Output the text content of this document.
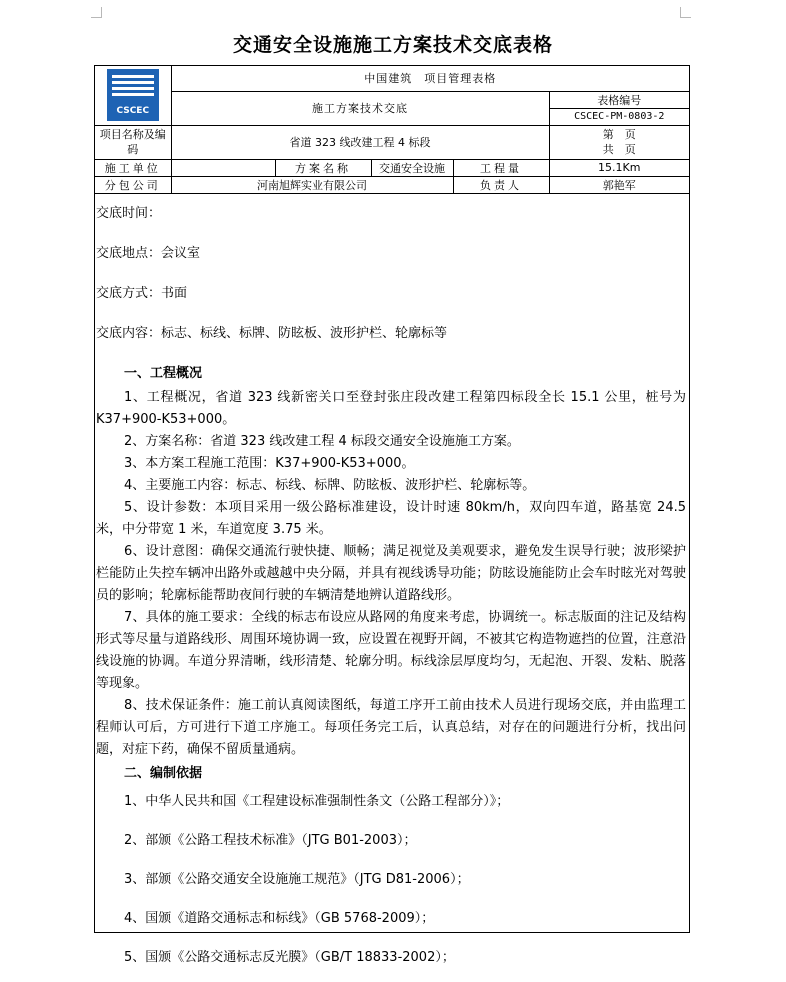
交通安全设施施工方案技术交底表格
CSCEC	中国建筑　项目管理表格				
	施工方案技术交底				表格编号
					CSCEC-PM-0803-2
项目名称及编码	省道 323 线改建工程 4 标段				第　页
共　页

施工单位		方案名称	交通安全设施	工程量	15.1Km
分包公司	河南旭辉实业有限公司			负责人	郭艳军
交底时间：
交底地点：会议室
交底方式：书面
交底内容：标志、标线、标牌、防眩板、波形护栏、轮廓标等
一、工程概况

1、工程概况，省道 323 线新密关口至登封张庄段改建工程第四标段全长 15.1 公里，桩号为 K37+900-K53+000。

2、方案名称：省道 323 线改建工程 4 标段交通安全设施施工方案。

3、本方案工程施工范围：K37+900-K53+000。

4、主要施工内容：标志、标线、标牌、防眩板、波形护栏、轮廓标等。

5、设计参数：本项目采用一级公路标准建设，设计时速 80km/h，双向四车道，路基宽 24.5 米，中分带宽 1 米，车道宽度 3.75 米。

6、设计意图：确保交通流行驶快捷、顺畅；满足视觉及美观要求，避免发生误导行驶；波形梁护栏能防止失控车辆冲出路外或越越中央分隔，并具有视线诱导功能；防眩设施能防止会车时眩光对驾驶员的影响；轮廓标能帮助夜间行驶的车辆清楚地辨认道路线形。

7、具体的施工要求：全线的标志布设应从路网的角度来考虑，协调统一。标志版面的注记及结构形式等尽量与道路线形、周围环境协调一致，应设置在视野开阔，不被其它构造物遮挡的位置，注意沿线设施的协调。车道分界清晰，线形清楚、轮廓分明。标线涂层厚度均匀，无起泡、开裂、发粘、脱落等现象。

8、技术保证条件：施工前认真阅读图纸，每道工序开工前由技术人员进行现场交底，并由监理工程师认可后，方可进行下道工序施工。每项任务完工后，认真总结，对存在的问题进行分析，找出问题，对症下药，确保不留质量通病。

二、编制依据
1、中华人民共和国《工程建设标准强制性条文（公路工程部分）》；
2、部颁《公路工程技术标准》（JTG B01-2003）；
3、部颁《公路交通安全设施施工规范》（JTG D81-2006）；
4、国颁《道路交通标志和标线》（GB 5768-2009）；
5、国颁《公路交通标志反光膜》（GB/T 18833-2002）；
